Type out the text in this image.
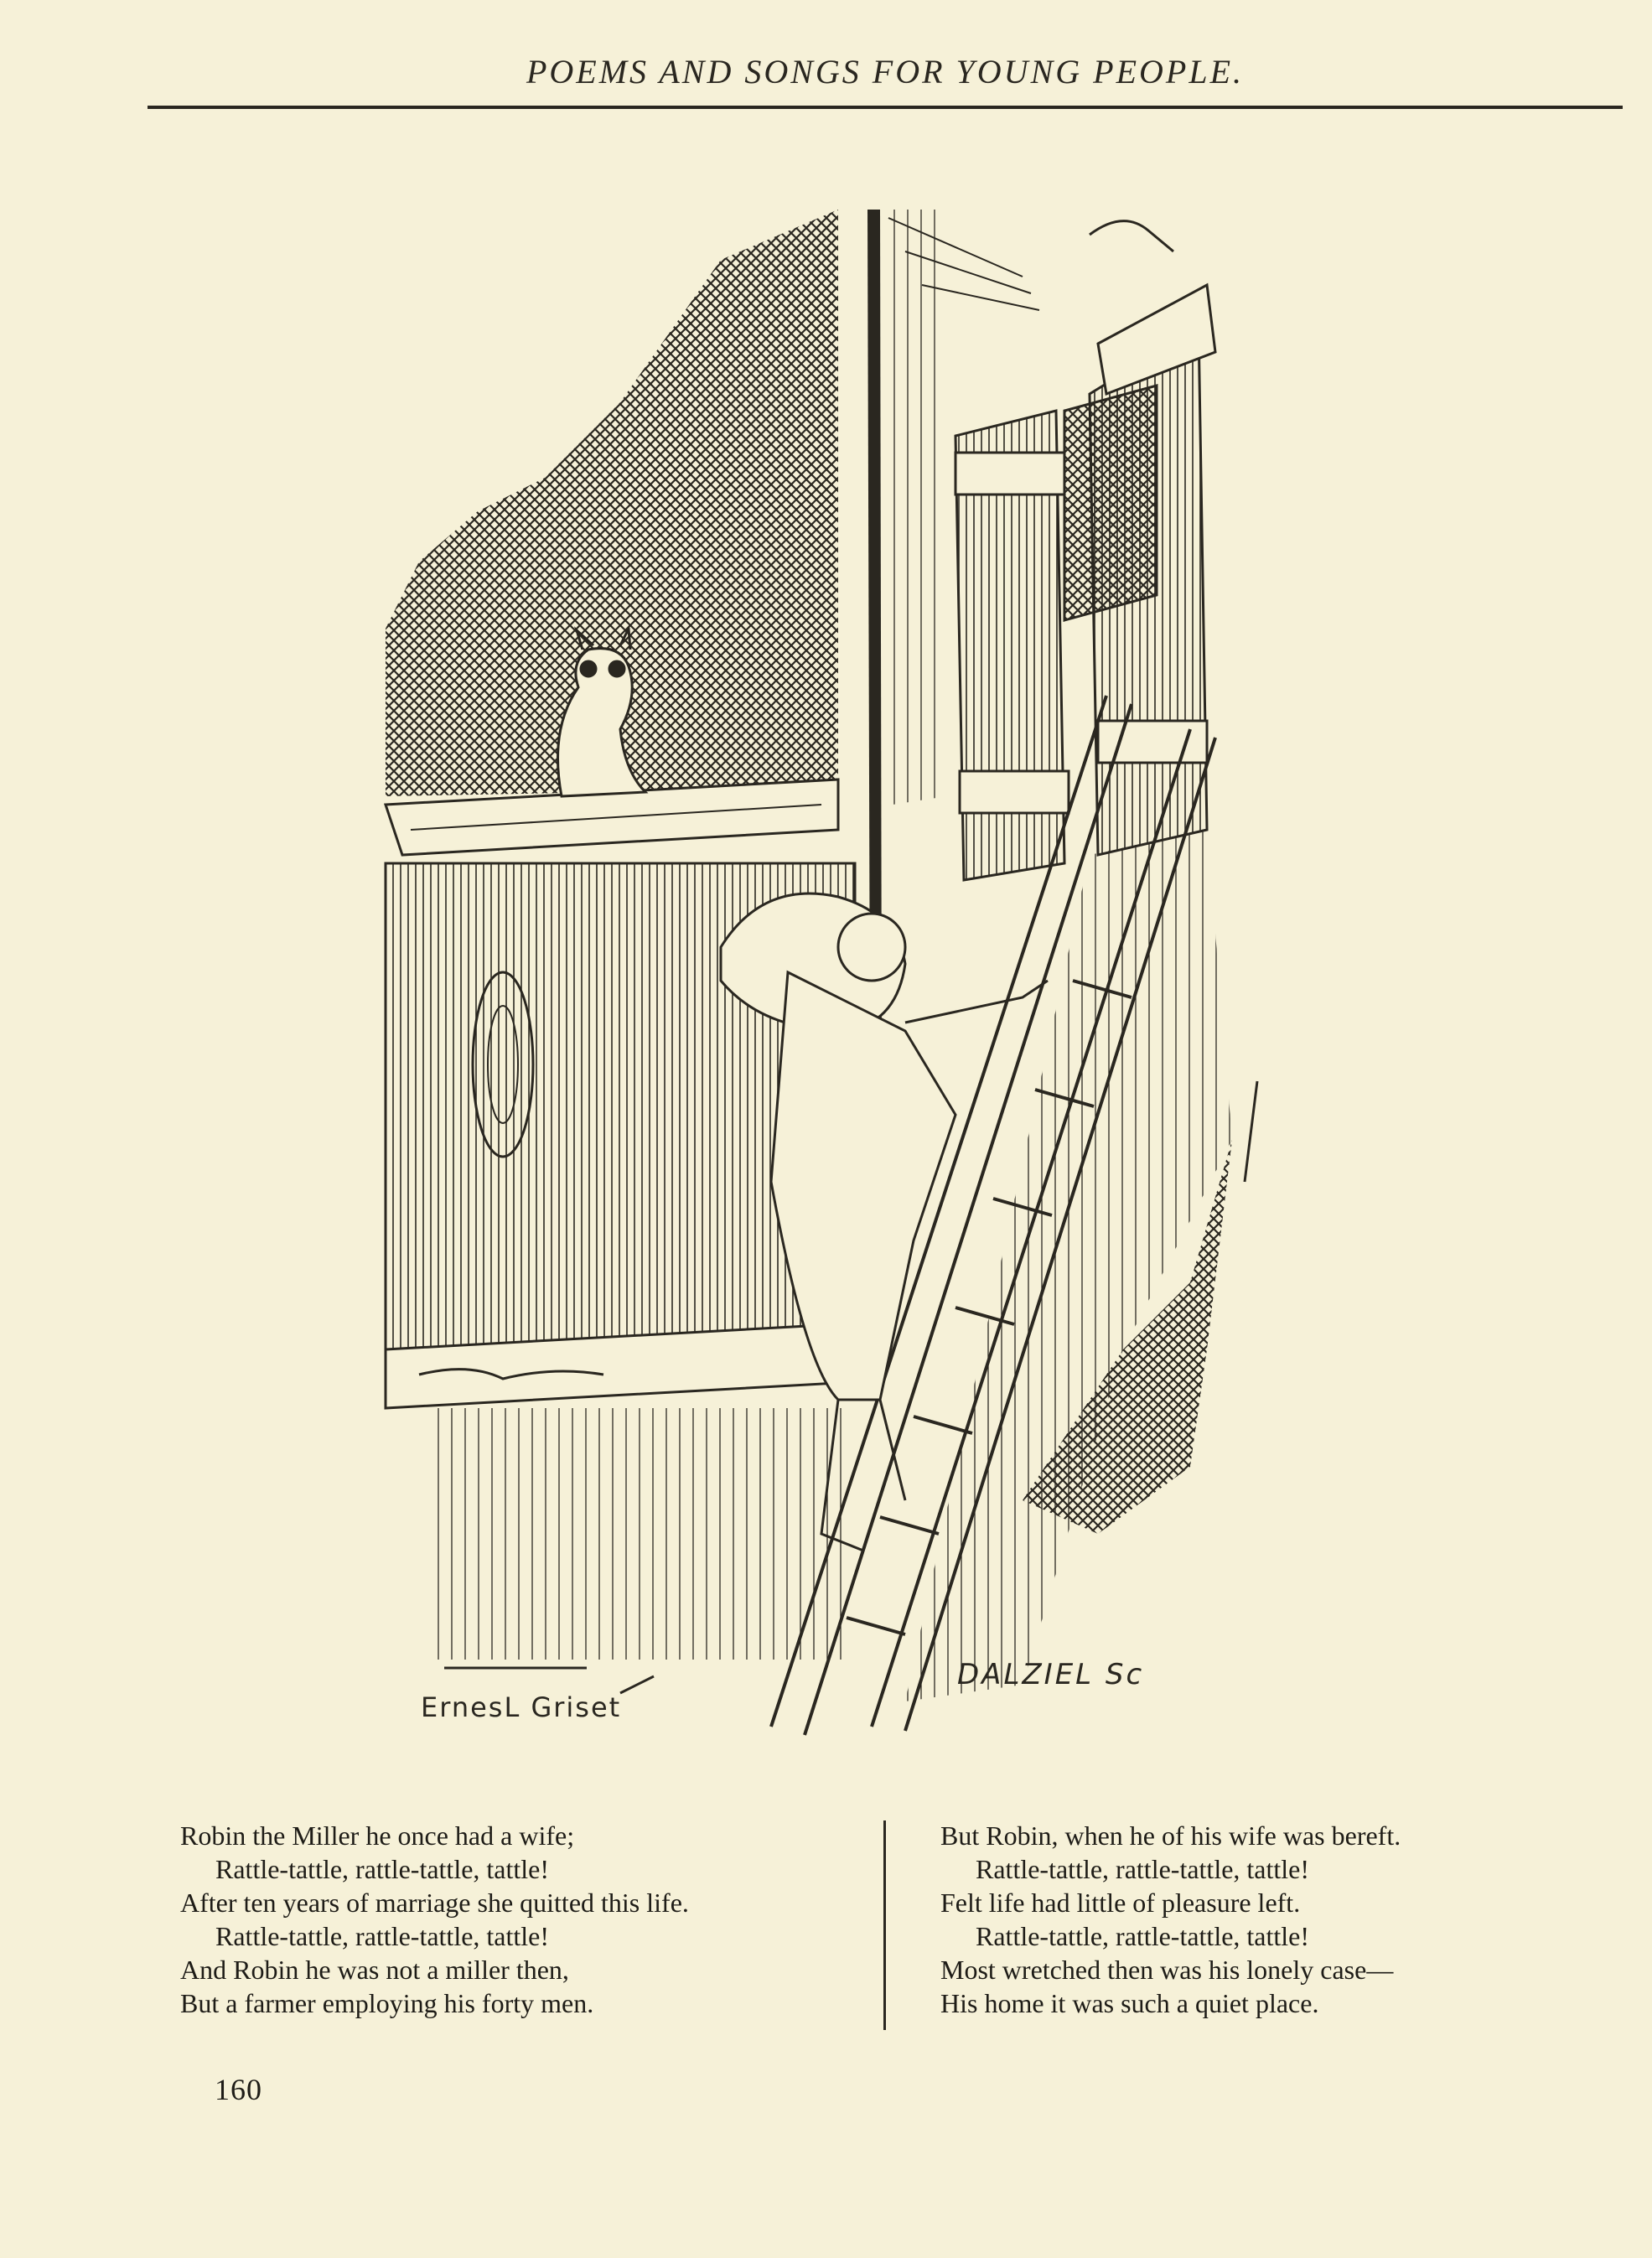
POEMS AND SONGS FOR YOUNG PEOPLE.
ErnesL Griset
DALZIEL Sc
Robin the Miller he once had a wife;
Rattle-tattle, rattle-tattle, tattle!
After ten years of marriage she quitted this life.
Rattle-tattle, rattle-tattle, tattle!
And Robin he was not a miller then,
But a farmer employing his forty men.
But Robin, when he of his wife was bereft.
Rattle-tattle, rattle-tattle, tattle!
Felt life had little of pleasure left.
Rattle-tattle, rattle-tattle, tattle!
Most wretched then was his lonely case—
His home it was such a quiet place.
160
